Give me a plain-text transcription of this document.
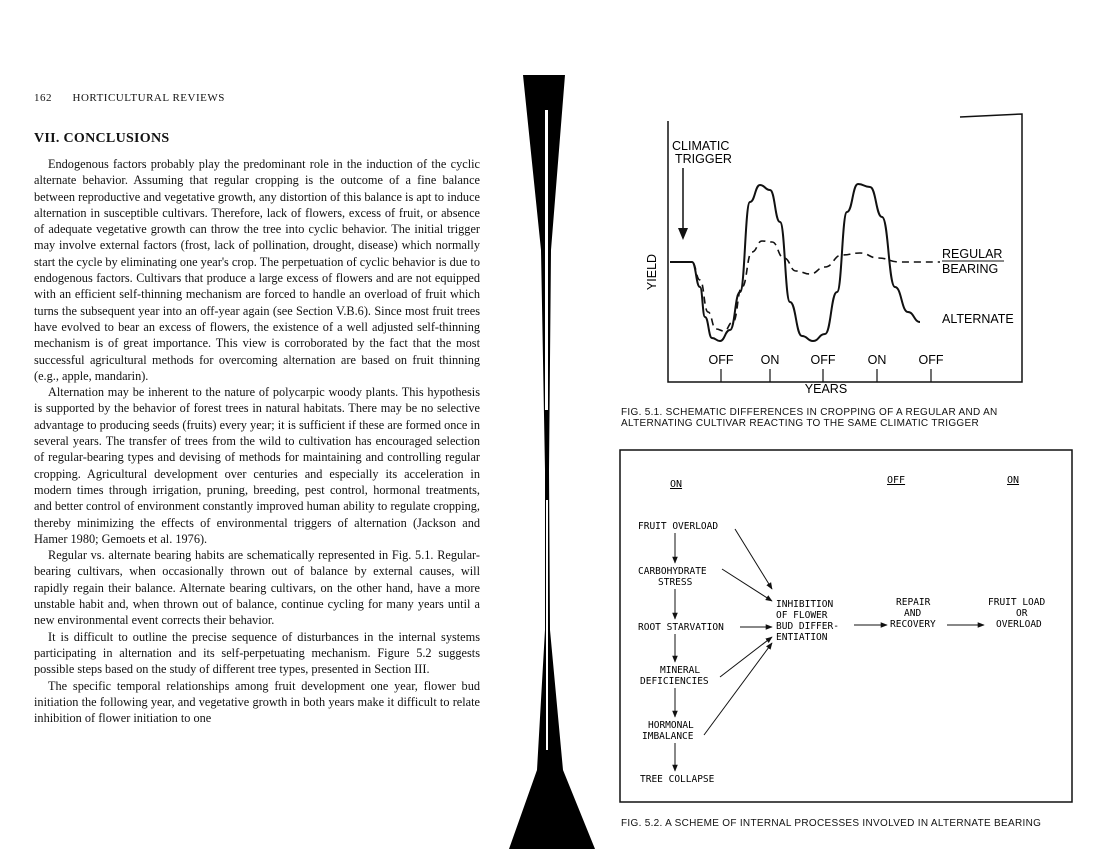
162 HORTICULTURAL REVIEWS
VII. CONCLUSIONS

Endogenous factors probably play the predominant role in the induction of the cyclic alternate behavior. Assuming that regular cropping is the outcome of a fine balance between reproductive and vegetative growth, any distortion of this balance is apt to induce alternation in susceptible cultivars. Therefore, lack of flowers, excess of fruit, or absence of adequate vegetative growth can throw the tree into cyclic behavior. The initial trigger may involve external factors (frost, lack of pollination, drought, disease) which normally start the cycle by eliminating one year's crop. The perpetuation of cyclic behavior is due to endogenous factors. Cultivars that produce a large excess of flowers and are not equipped with an efficient self-thinning mechanism are forced to handle an overload of fruit which turns the subsequent year into an off-year again (see Section V.B.6). Since most fruit trees have evolved to bear an excess of flowers, the existence of a well adjusted self-thinning mechanism is of great importance. This view is corroborated by the fact that the most successful agricultural methods for overcoming alternation are based on fruit thinning (e.g., apple, mandarin).

Alternation may be inherent to the nature of polycarpic woody plants. This hypothesis is supported by the behavior of forest trees in natural habitats. There may be no selective advantage to producing seeds (fruits) every year; it is sufficient if these are formed once in several years. The transfer of trees from the wild to cultivation has encouraged selection of regular-bearing types and devising of methods for maintaining and controlling regular cropping. Agricultural development over centuries and especially its acceleration in modern times through irrigation, pruning, breeding, pest control, hormonal treatments, and better control of environment constantly improved human ability to regulate cropping, thereby minimizing the effects of environmental triggers of alternation (Jackson and Hamer 1980; Gemoets et al. 1976).

Regular vs. alternate bearing habits are schematically represented in Fig. 5.1. Regular-bearing cultivars, when occasionally thrown out of balance by external causes, will rapidly regain their balance. Alternate bearing cultivars, on the other hand, have a more unstable habit and, when thrown out of balance, continue cycling for many years until a new environmental event corrects their behavior.

It is difficult to outline the precise sequence of disturbances in the internal systems participating in alternation and its self-perpetuating mechanism. Figure 5.2 suggests possible steps based on the study of different tree types, presented in Section III.

The specific temporal relationships among fruit development one year, flower bud initiation the following year, and vegetative growth in both years make it difficult to relate inhibition of flower initiation to one

CLIMATIC
TRIGGER
YIELD	REGULAR
BEARING
ALTERNATE
OFF ON OFF	ON	OFF
YEARS
FIG. 5.1. SCHEMATIC DIFFERENCES IN CROPPING OF A REGULAR AND AN ALTERNATING CULTIVAR REACTING TO THE SAME CLIMATIC TRIGGER
ON	OFF	ON
FRUIT OVERLOAD
CARBOHYDRATE
STRESS
ROOT STARVATION
MINERAL
DEFICIENCIES
HORMONAL
IMBALANCE
TREE COLLAPSE
INHIBITION
OF FLOWER
BUD DIFFER-
ENTIATION
REPAIR
AND
RECOVERY
FRUIT LOAD
OR
OVERLOAD
FIG. 5.2. A SCHEME OF INTERNAL PROCESSES INVOLVED IN ALTERNATE BEARING
